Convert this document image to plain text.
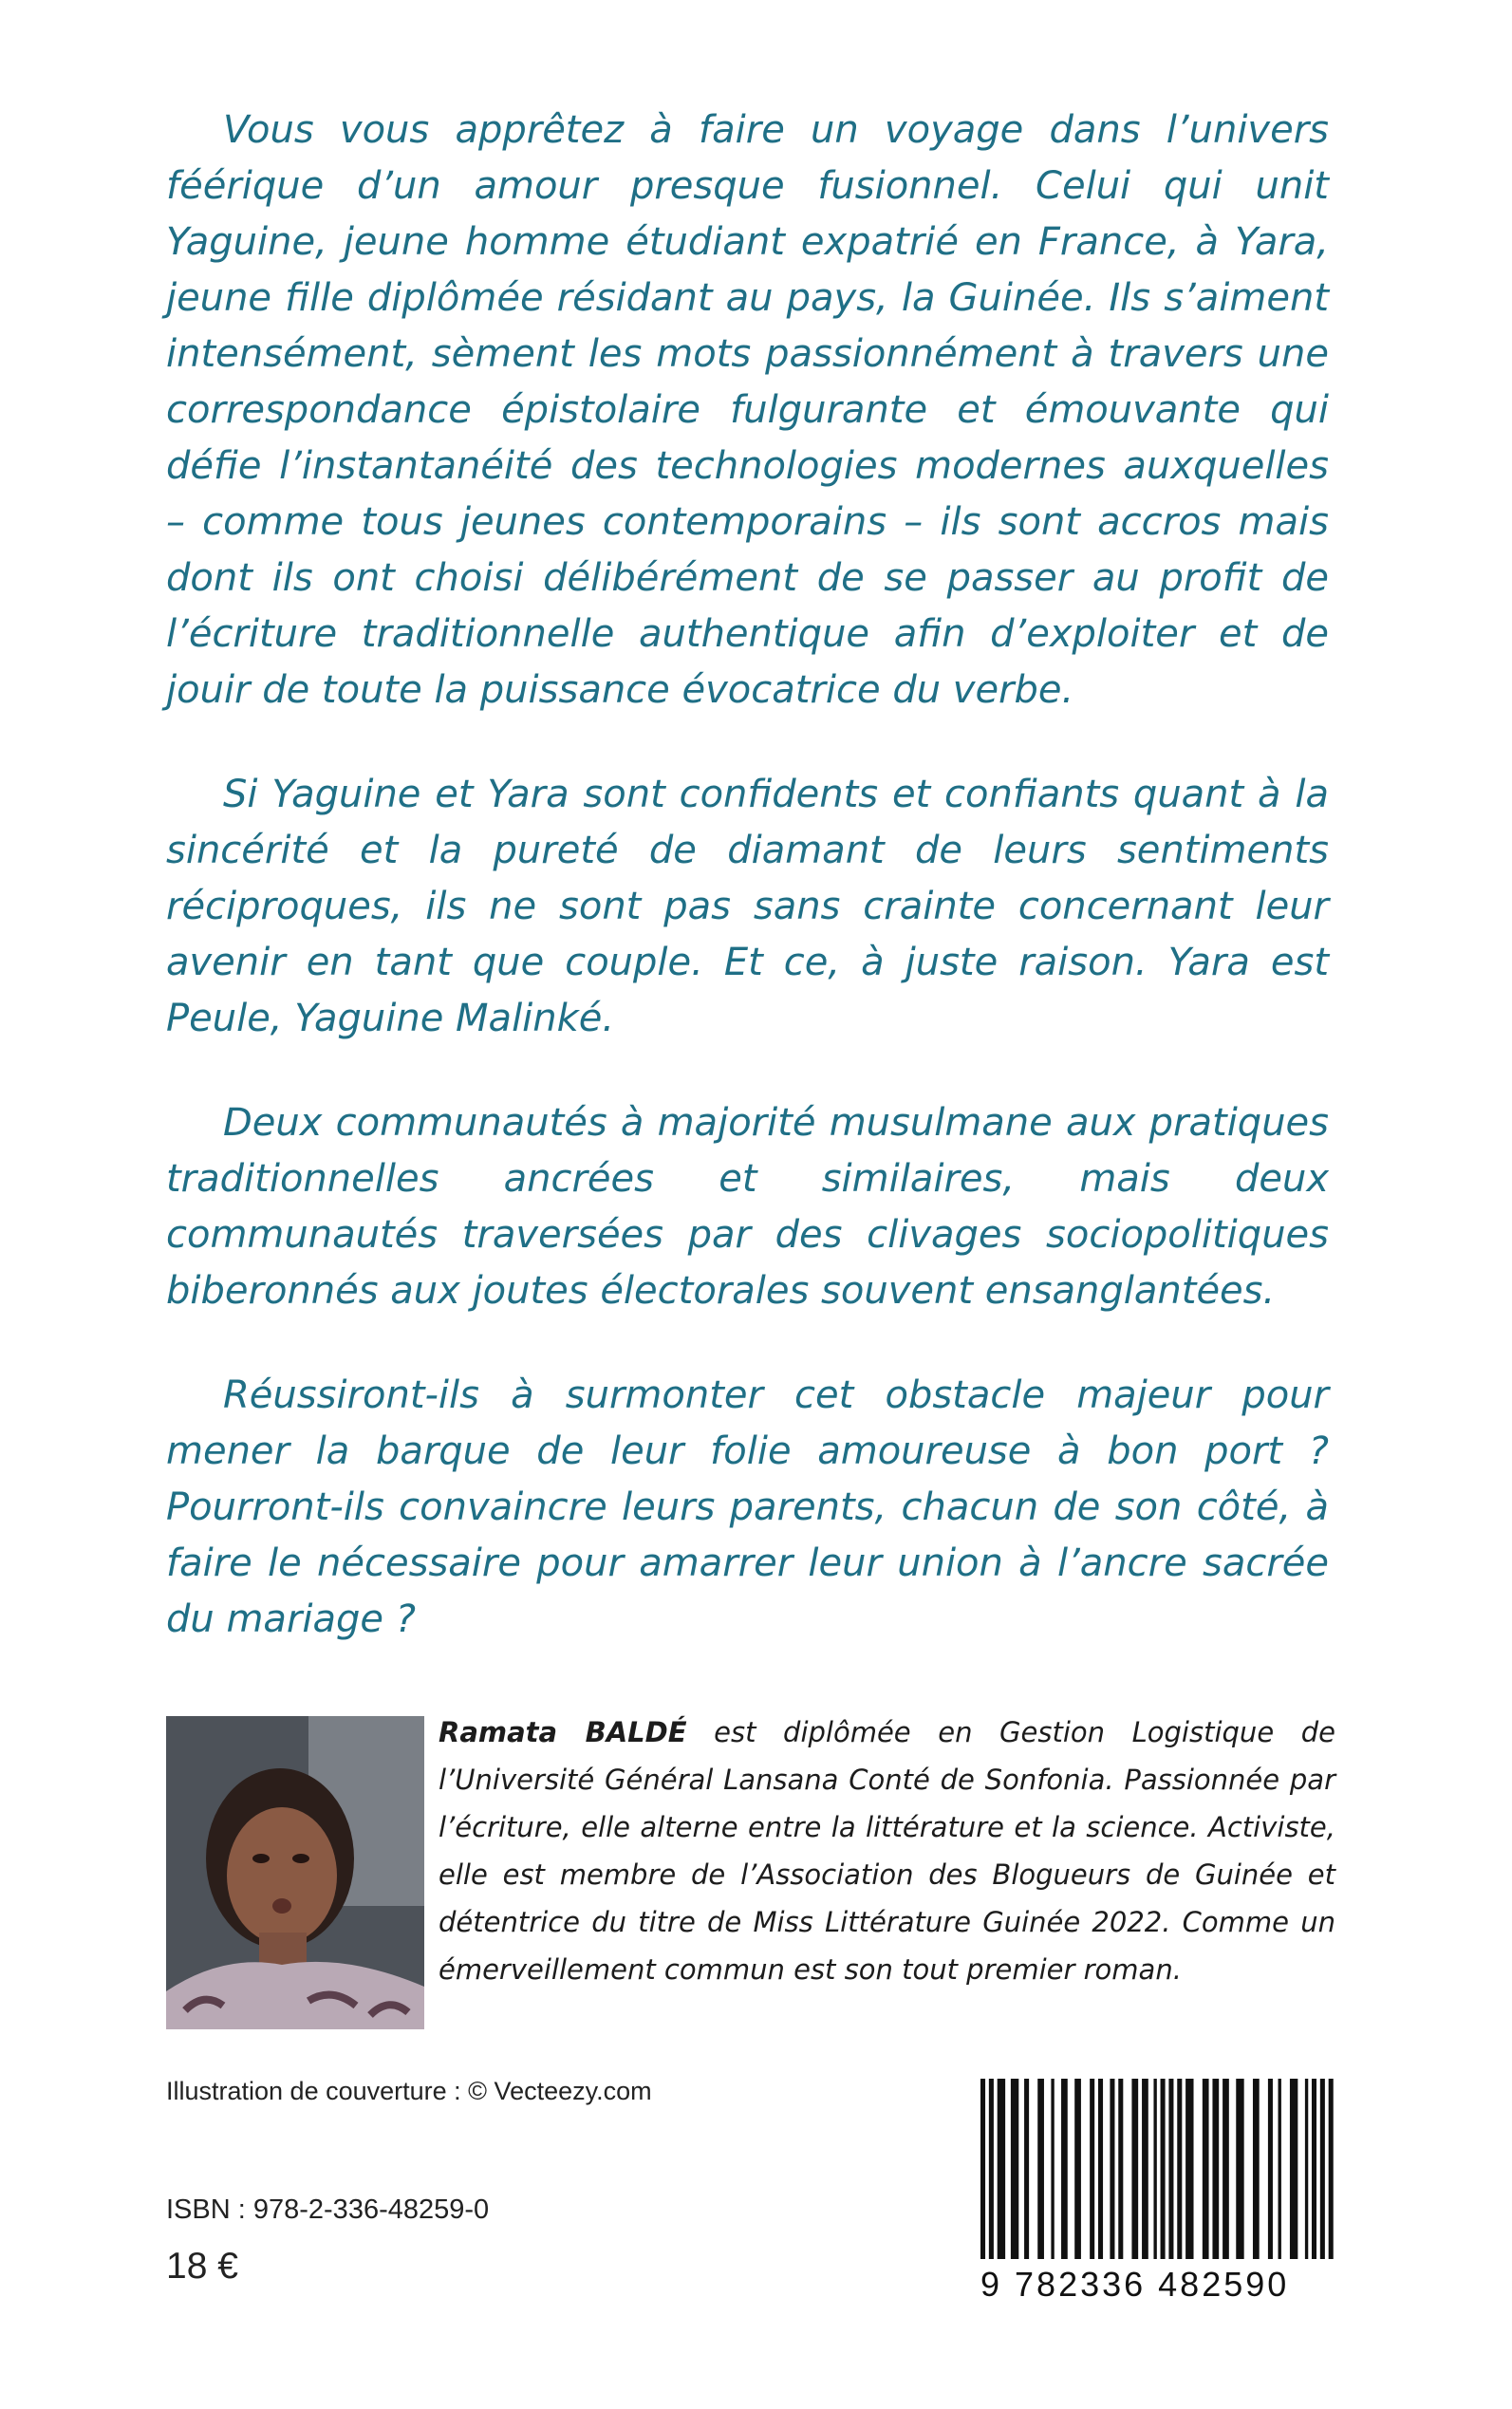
Vous vous apprêtez à faire un voyage dans l’univers féérique d’un amour presque fusionnel. Celui qui unit Yaguine, jeune homme étudiant expatrié en France, à Yara, jeune fille diplômée résidant au pays, la Guinée. Ils s’aiment intensément, sèment les mots passionnément à travers une correspondance épistolaire fulgurante et émouvante qui défie l’instantanéité des technologies modernes auxquelles – comme tous jeunes contemporains – ils sont accros mais dont ils ont choisi délibérément de se passer au profit de l’écriture traditionnelle authentique afin d’exploiter et de jouir de toute la puissance évocatrice du verbe.

Si Yaguine et Yara sont confidents et confiants quant à la sincérité et la pureté de diamant de leurs sentiments réciproques, ils ne sont pas sans crainte concernant leur avenir en tant que couple. Et ce, à juste raison. Yara est Peule, Yaguine Malinké.

Deux communautés à majorité musulmane aux pratiques traditionnelles ancrées et similaires, mais deux communautés traversées par des clivages sociopolitiques biberonnés aux joutes électorales souvent ensanglantées.

Réussiront-ils à surmonter cet obstacle majeur pour mener la barque de leur folie amoureuse à bon port ? Pourront-ils convaincre leurs parents, chacun de son côté, à faire le nécessaire pour amarrer leur union à l’ancre sacrée du mariage ?

Ramata BALDÉ est diplômée en Gestion Logistique de l’Université Général Lansana Conté de Sonfonia. Passionnée par l’écriture, elle alterne entre la littérature et la science. Activiste, elle est membre de l’Association des Blogueurs de Guinée et détentrice du titre de Miss Littérature Guinée 2022. Comme un émerveillement commun est son tout premier roman.
Illustration de couverture : © Vecteezy.com
ISBN : 978-2-336-48259-0
18 €	9 782336 482590
